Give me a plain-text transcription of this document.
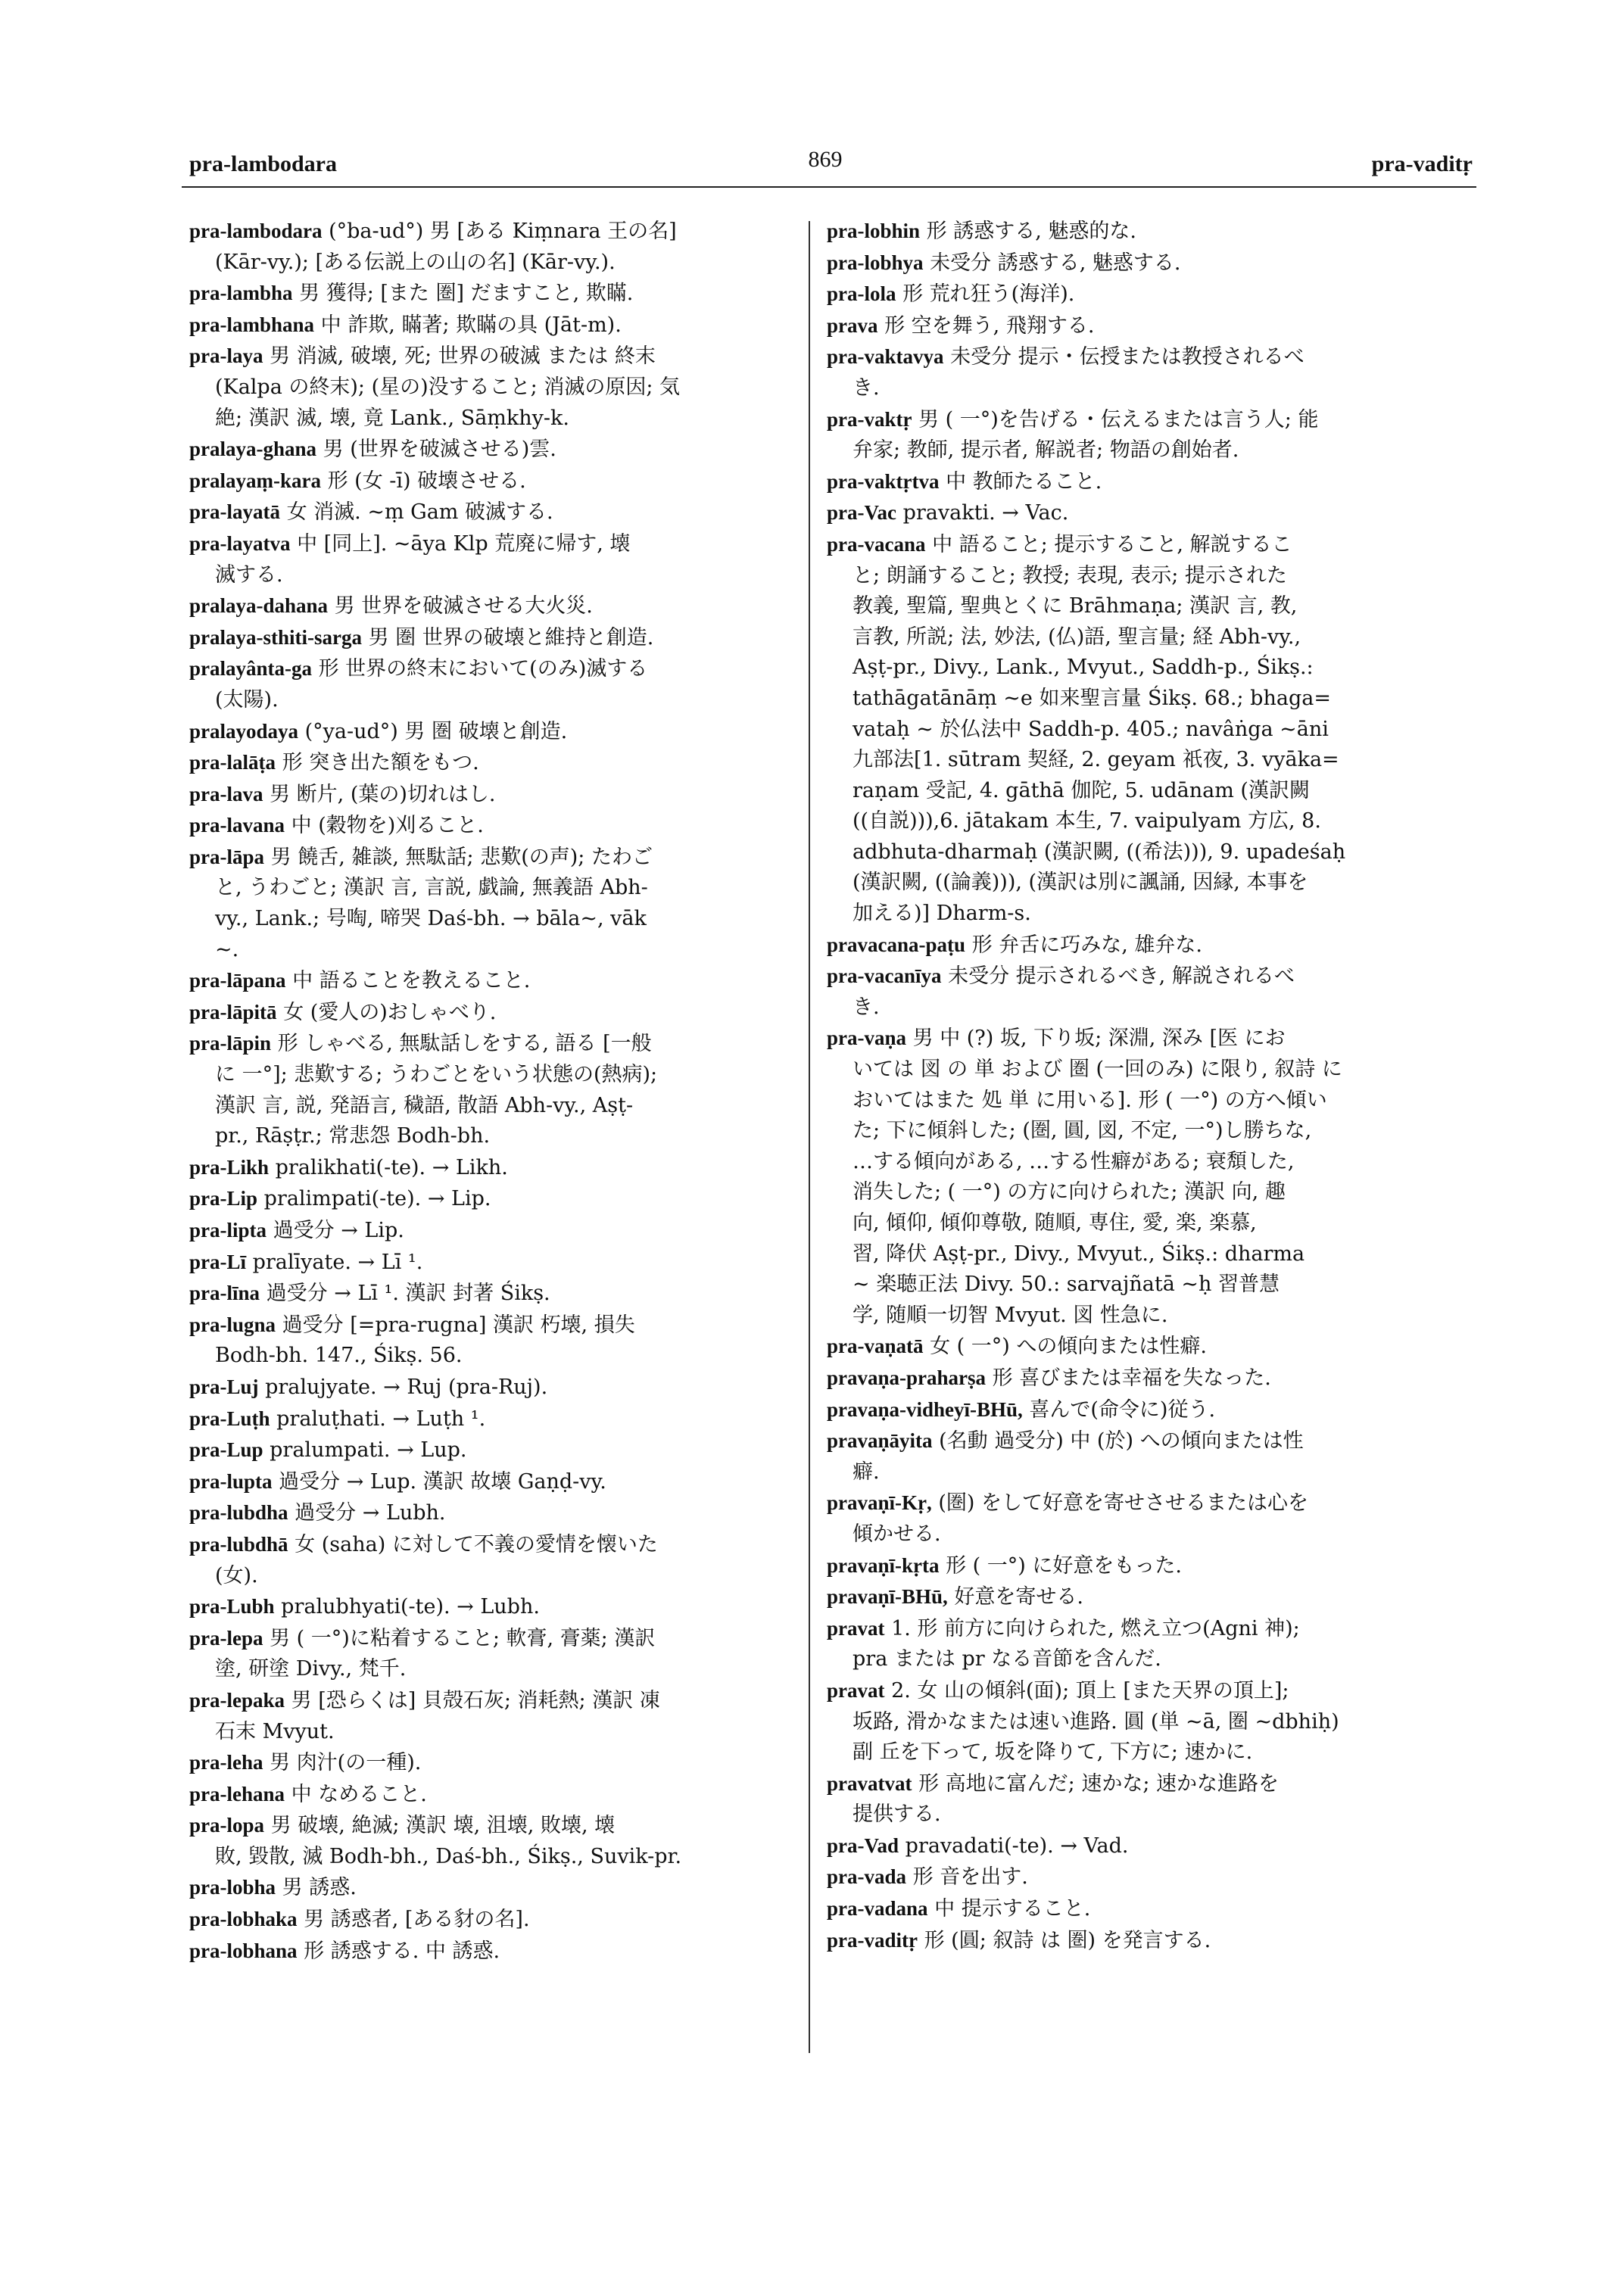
pra-lambodara	869	pra-vaditṛ
pra-lambodara (°ba-ud°) 男 [ある Kiṃnara 王の名]
(Kār-vy.); [ある伝説上の山の名] (Kār-vy.).
pra-lambha 男 獲得; [また 圏] だますこと, 欺瞞.
pra-lambhana 中 詐欺, 瞞著; 欺瞞の具 (Jāt-m).
pra-laya 男 消滅, 破壊, 死; 世界の破滅 または 終末
(Kalpa の終末); (星の)没すること; 消滅の原因; 気
絶; 漢訳 滅, 壊, 竟 Lank., Sāṃkhy-k.
pralaya-ghana 男 (世界を破滅させる)雲.
pralayaṃ-kara 形 (女 -ī) 破壊させる.
pra-layatā 女 消滅. ~ṃ Gam 破滅する.
pra-layatva 中 [同上]. ~āya Klp 荒廃に帰す, 壊
滅する.
pralaya-dahana 男 世界を破滅させる大火災.
pralaya-sthiti-sarga 男 圏 世界の破壊と維持と創造.
pralayânta-ga 形 世界の終末において(のみ)滅する
(太陽).
pralayodaya (°ya-ud°) 男 圏 破壊と創造.
pra-lalāṭa 形 突き出た額をもつ.
pra-lava 男 断片, (葉の)切れはし.
pra-lavana 中 (穀物を)刈ること.
pra-lāpa 男 饒舌, 雑談, 無駄話; 悲歎(の声); たわご
と, うわごと; 漢訳 言, 言説, 戯論, 無義語 Abh-
vy., Lank.; 号啕, 啼哭 Daś-bh. → bāla~, vāk
~.
pra-lāpana 中 語ることを教えること.
pra-lāpitā 女 (愛人の)おしゃべり.
pra-lāpin 形 しゃべる, 無駄話しをする, 語る [一般
に 一°]; 悲歎する; うわごとをいう状態の(熱病);
漢訳 言, 説, 発語言, 穢語, 散語 Abh-vy., Aṣṭ-
pr., Rāṣṭr.; 常悲怨 Bodh-bh.
pra-Likh pralikhati(-te). → Likh.
pra-Lip pralimpati(-te). → Lip.
pra-lipta 過受分 → Lip.
pra-Lī pralīyate. → Lī ¹.
pra-līna 過受分 → Lī ¹. 漢訳 封著 Śikṣ.
pra-lugna 過受分 [=pra-rugna] 漢訳 朽壊, 損失
Bodh-bh. 147., Śikṣ. 56.
pra-Luj pralujyate. → Ruj (pra-Ruj).
pra-Luṭh praluṭhati. → Luṭh ¹.
pra-Lup pralumpati. → Lup.
pra-lupta 過受分 → Lup. 漢訳 故壊 Gaṇḍ-vy.
pra-lubdha 過受分 → Lubh.
pra-lubdhā 女 (saha) に対して不義の愛情を懐いた
(女).
pra-Lubh pralubhyati(-te). → Lubh.
pra-lepa 男 ( 一°)に粘着すること; 軟膏, 膏薬; 漢訳
塗, 研塗 Divy., 梵千.
pra-lepaka 男 [恐らくは] 貝殻石灰; 消耗熱; 漢訳 凍
石末 Mvyut.
pra-leha 男 肉汁(の一種).
pra-lehana 中 なめること.
pra-lopa 男 破壊, 絶滅; 漢訳 壊, 沮壊, 敗壊, 壊
敗, 毀散, 滅 Bodh-bh., Daś-bh., Śikṣ., Suvik-pr.
pra-lobha 男 誘惑.
pra-lobhaka 男 誘惑者, [ある豺の名].
pra-lobhana 形 誘惑する. 中 誘惑.
pra-lobhin 形 誘惑する, 魅惑的な.
pra-lobhya 未受分 誘惑する, 魅惑する.
pra-lola 形 荒れ狂う(海洋).
prava 形 空を舞う, 飛翔する.
pra-vaktavya 未受分 提示・伝授または教授されるべ
き.
pra-vaktṛ 男 ( 一°)を告げる・伝えるまたは言う人; 能
弁家; 教師, 提示者, 解説者; 物語の創始者.
pra-vaktṛtva 中 教師たること.
pra-Vac pravakti. → Vac.
pra-vacana 中 語ること; 提示すること, 解説するこ
と; 朗誦すること; 教授; 表現, 表示; 提示された
教義, 聖篇, 聖典とくに Brāhmaṇa; 漢訳 言, 教,
言教, 所説; 法, 妙法, (仏)語, 聖言量; 経 Abh-vy.,
Aṣṭ-pr., Divy., Lank., Mvyut., Saddh-p., Śikṣ.:
tathāgatānāṃ ~e 如来聖言量 Śikṣ. 68.; bhaga=
vataḥ ~ 於仏法中 Saddh-p. 405.; navâṅga ~āni
九部法[1. sūtram 契経, 2. geyam 祇夜, 3. vyāka=
raṇam 受記, 4. gāthā 伽陀, 5. udānam (漢訳闕
((自説))),6. jātakam 本生, 7. vaipulyam 方広, 8.
adbhuta-dharmaḥ (漢訳闕, ((希法))), 9. upadeśaḥ
(漢訳闕, ((論義))), (漢訳は別に諷誦, 因縁, 本事を
加える)] Dharm-s.
pravacana-paṭu 形 弁舌に巧みな, 雄弁な.
pra-vacanīya 未受分 提示されるべき, 解説されるべ
き.
pra-vaṇa 男 中 (?) 坂, 下り坂; 深淵, 深み [医 にお
いては 図 の 単 および 圏 (一回のみ) に限り, 叙詩 に
おいてはまた 処 単 に用いる]. 形 ( 一°) の方へ傾い
た; 下に傾斜した; (圏, 圓, 図, 不定, 一°)し勝ちな,
…する傾向がある, …する性癖がある; 衰頽した,
消失した; ( 一°) の方に向けられた; 漢訳 向, 趣
向, 傾仰, 傾仰尊敬, 随順, 専住, 愛, 楽, 楽慕,
習, 降伏 Aṣṭ-pr., Divy., Mvyut., Śikṣ.: dharma
~ 楽聴正法 Divy. 50.: sarvajñatā ~ḥ 習普慧
学, 随順一切智 Mvyut. 図 性急に.
pra-vaṇatā 女 ( 一°) への傾向または性癖.
pravaṇa-praharṣa 形 喜びまたは幸福を失なった.
pravaṇa-vidheyī-BHū, 喜んで(命令に)従う.
pravaṇāyita (名動 過受分) 中 (於) への傾向または性
癖.
pravaṇī-Kṛ, (圏) をして好意を寄せさせるまたは心を
傾かせる.
pravaṇī-kṛta 形 ( 一°) に好意をもった.
pravaṇī-BHū, 好意を寄せる.
pravat 1. 形 前方に向けられた, 燃え立つ(Agni 神);
pra または pr なる音節を含んだ.
pravat 2. 女 山の傾斜(面); 頂上 [また天界の頂上];
坂路, 滑かなまたは速い進路. 圓 (単 ~ā, 圏 ~dbhiḥ)
副 丘を下って, 坂を降りて, 下方に; 速かに.
pravatvat 形 高地に富んだ; 速かな; 速かな進路を
提供する.
pra-Vad pravadati(-te). → Vad.
pra-vada 形 音を出す.
pra-vadana 中 提示すること.
pra-vaditṛ 形 (圓; 叙詩 は 圏) を発言する.
